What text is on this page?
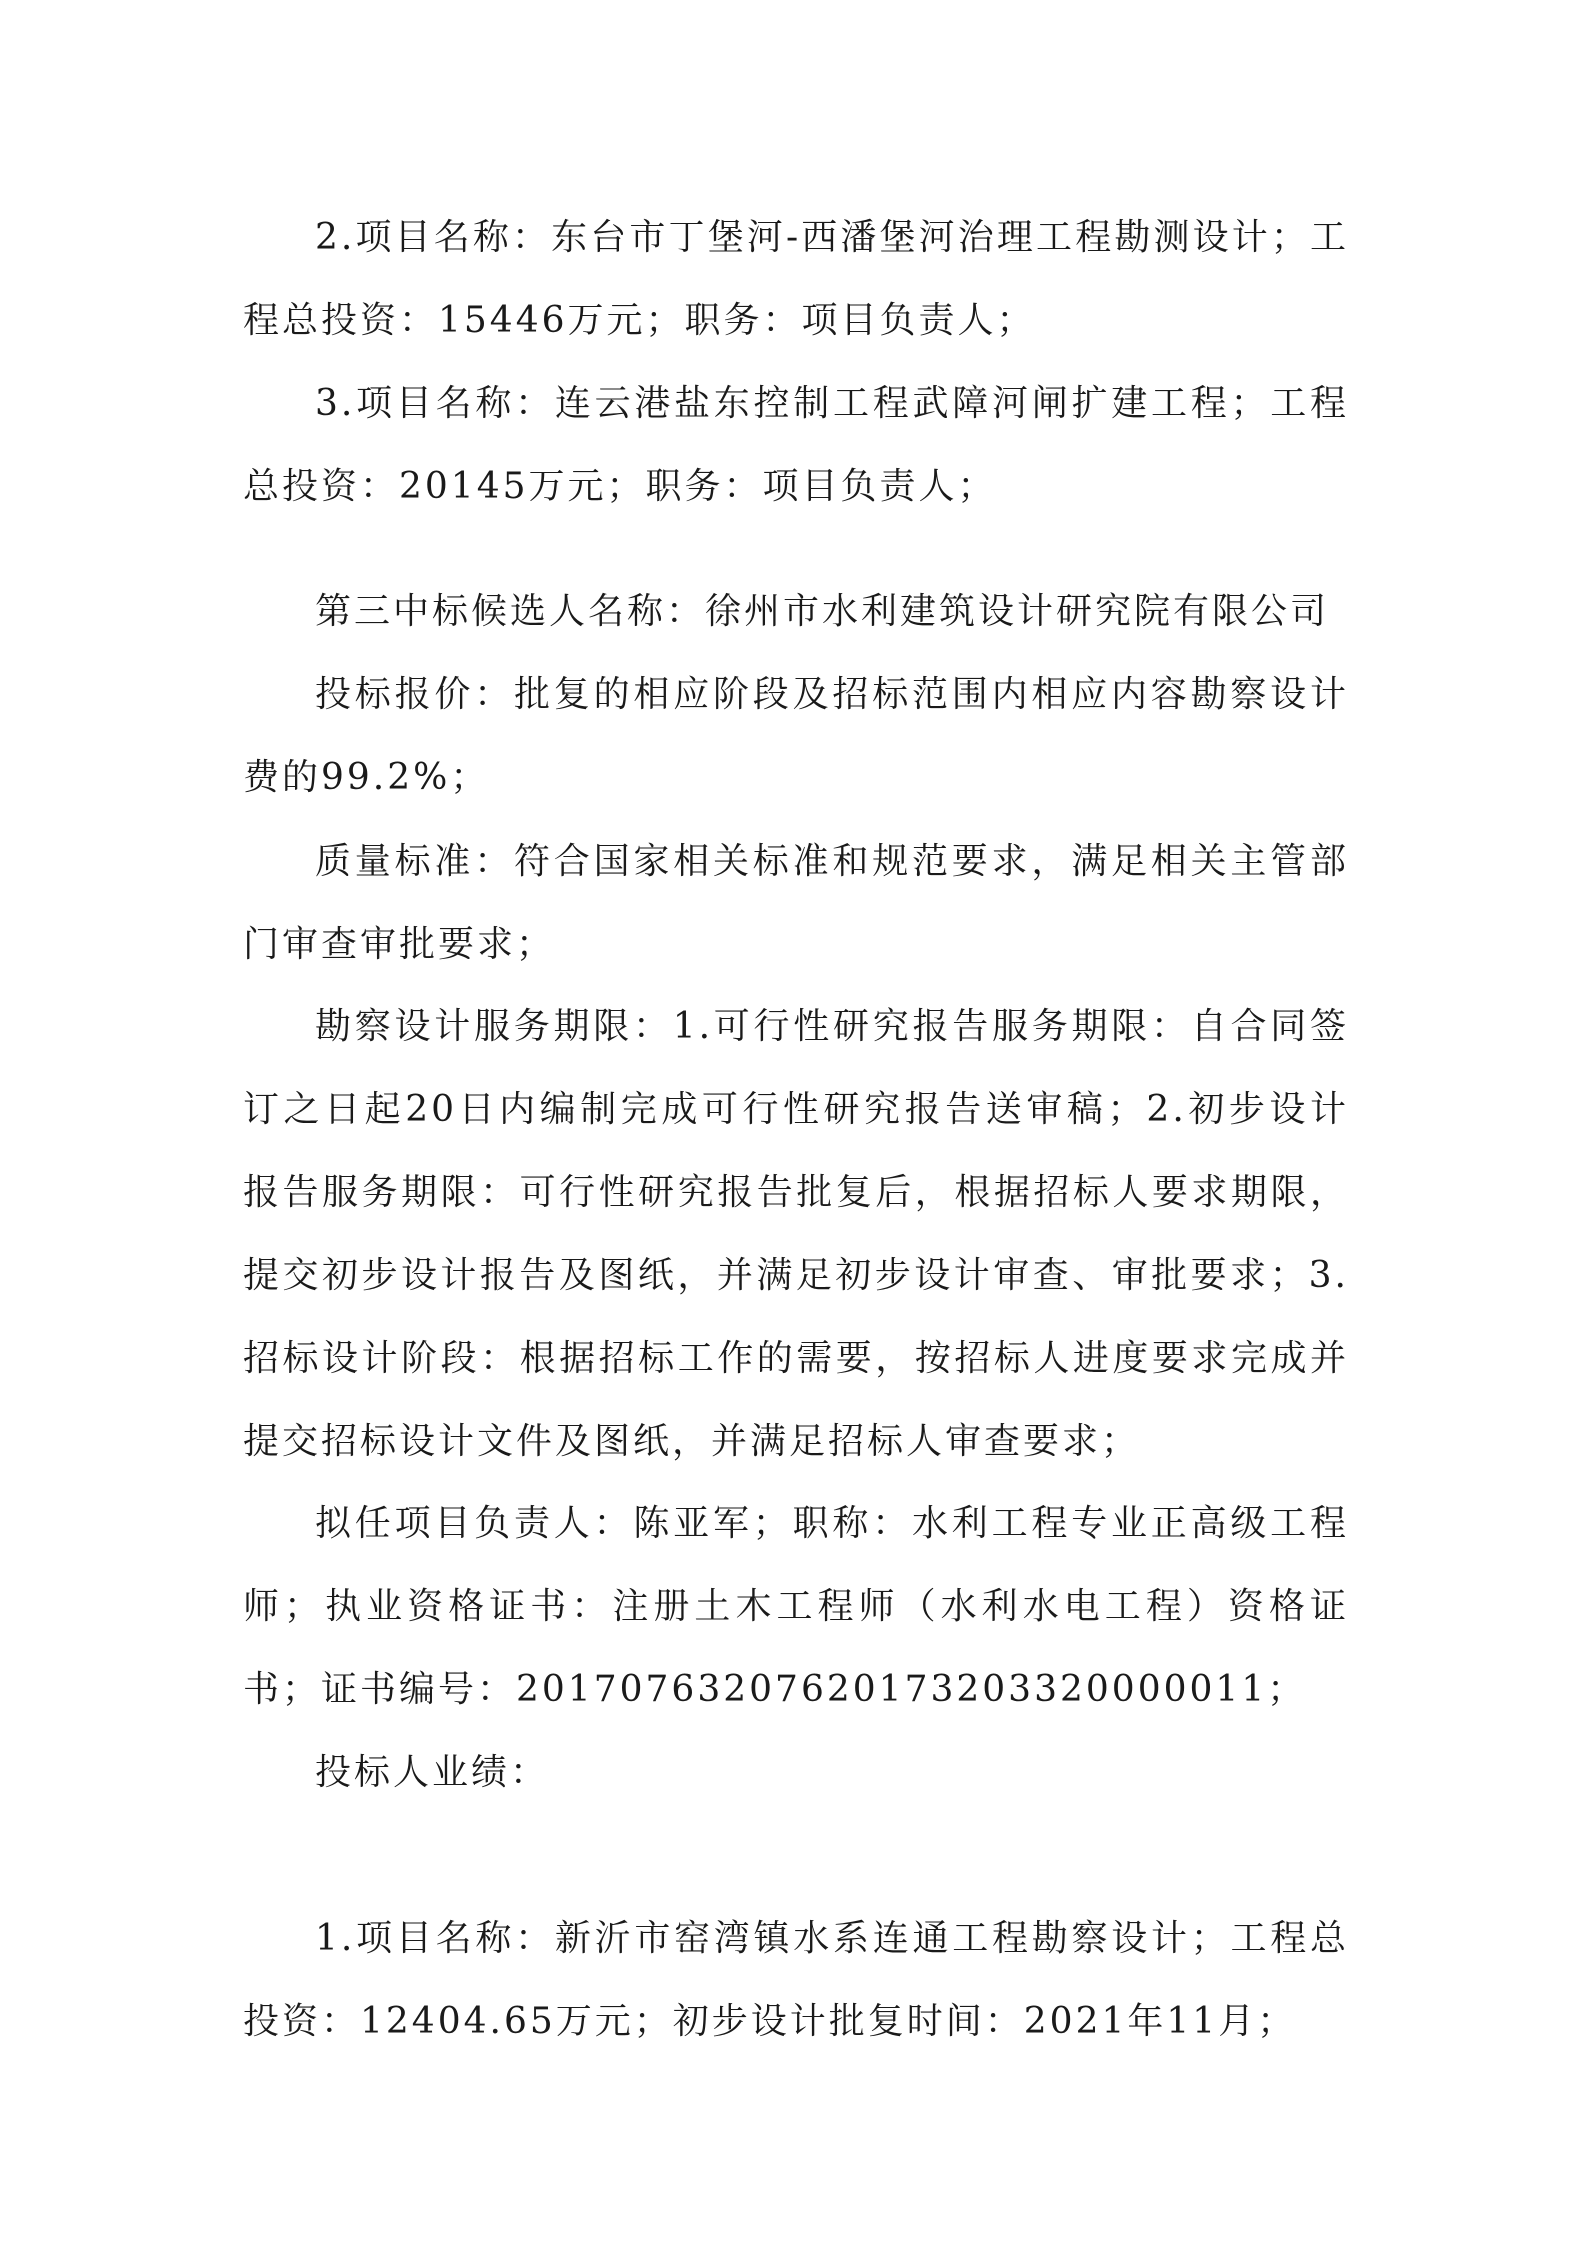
2.项目名称：东台市丁堡河-西潘堡河治理工程勘测设计；工程总投资：15446万元；职务：项目负责人；

3.项目名称：连云港盐东控制工程武障河闸扩建工程；工程总投资：20145万元；职务：项目负责人；

第三中标候选人名称：徐州市水利建筑设计研究院有限公司

投标报价：批复的相应阶段及招标范围内相应内容勘察设计费的99.2%；

质量标准：符合国家相关标准和规范要求，满足相关主管部门审查审批要求；

勘察设计服务期限：1.可行性研究报告服务期限：自合同签订之日起20日内编制完成可行性研究报告送审稿；2.初步设计报告服务期限：可行性研究报告批复后，根据招标人要求期限，提交初步设计报告及图纸，并满足初步设计审查、审批要求；3.招标设计阶段：根据招标工作的需要，按招标人进度要求完成并提交招标设计文件及图纸，并满足招标人审查要求；

拟任项目负责人：陈亚军；职称：水利工程专业正高级工程师；执业资格证书：注册土木工程师（水利水电工程）资格证书；证书编号：20170763207620173203320000011；

投标人业绩：

1.项目名称：新沂市窑湾镇水系连通工程勘察设计；工程总投资：12404.65万元；初步设计批复时间：2021年11月；
